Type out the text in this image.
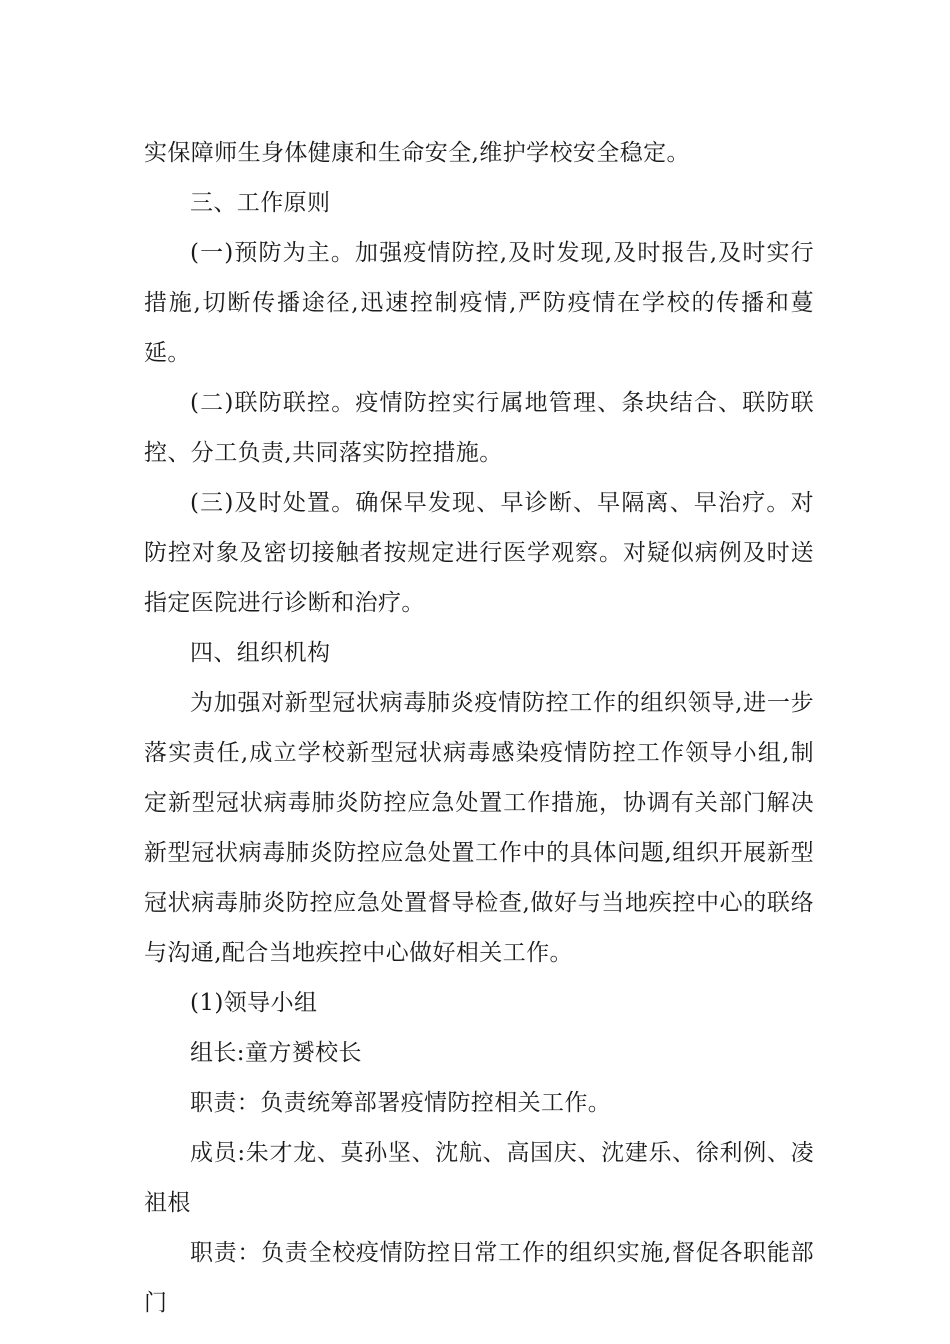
实保障师生身体健康和生命安全,维护学校安全稳定。

三、工作原则

(一)预防为主。加强疫情防控,及时发现,及时报告,及时实行措施,切断传播途径,迅速控制疫情,严防疫情在学校的传播和蔓延。

(二)联防联控。疫情防控实行属地管理、条块结合、联防联控、分工负责,共同落实防控措施。

(三)及时处置。确保早发现、早诊断、早隔离、早治疗。对防控对象及密切接触者按规定进行医学观察。对疑似病例及时送指定医院进行诊断和治疗。

四、组织机构

为加强对新型冠状病毒肺炎疫情防控工作的组织领导,进一步落实责任,成立学校新型冠状病毒感染疫情防控工作领导小组,制定新型冠状病毒肺炎防控应急处置工作措施，协调有关部门解决新型冠状病毒肺炎防控应急处置工作中的具体问题,组织开展新型冠状病毒肺炎防控应急处置督导检查,做好与当地疾控中心的联络与沟通,配合当地疾控中心做好相关工作。

(1)领导小组

组长:童方赟校长

职责：负责统筹部署疫情防控相关工作。

成员:朱才龙、莫孙坚、沈航、高国庆、沈建乐、徐利例、凌祖根

职责：负责全校疫情防控日常工作的组织实施,督促各职能部门
